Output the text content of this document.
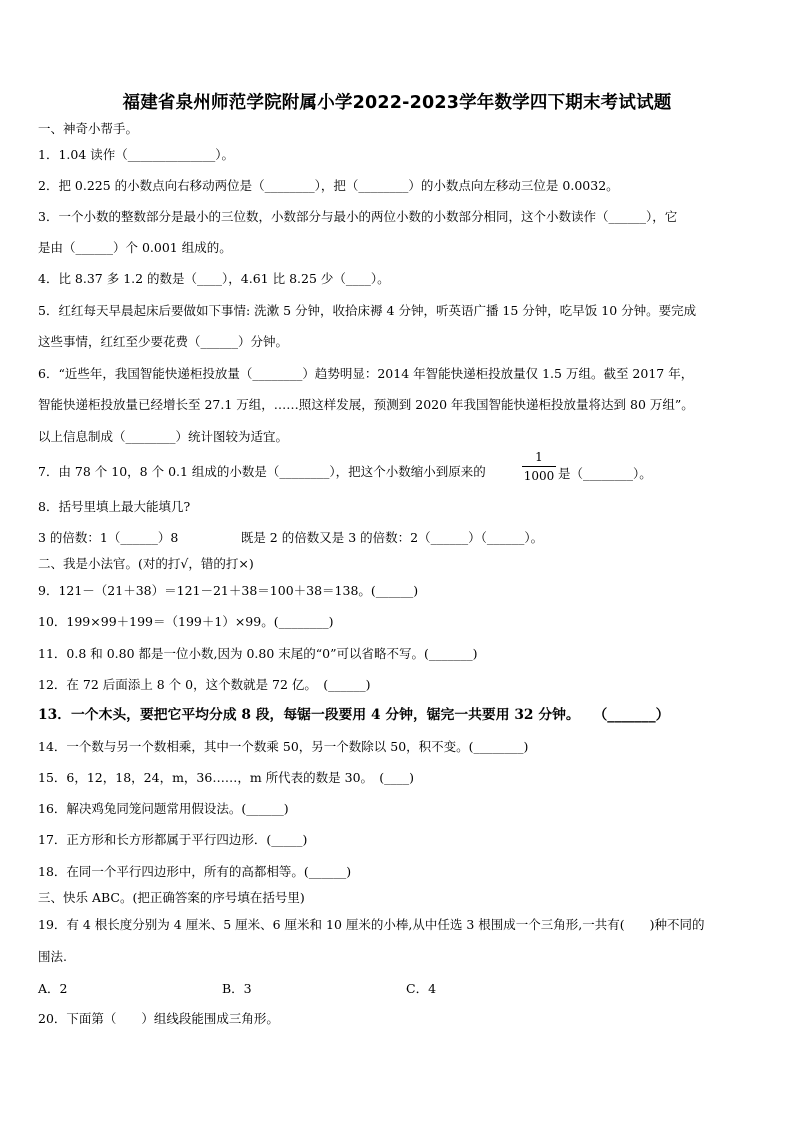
福建省泉州师范学院附属小学2022-2023学年数学四下期末考试试题
一、神奇小帮手。
1．1.04 读作（______________）。
2．把 0.225 的小数点向右移动两位是（________），把（________）的小数点向左移动三位是 0.0032。
3．一个小数的整数部分是最小的三位数，小数部分与最小的两位小数的小数部分相同，这个小数读作（______），它
是由（______）个 0.001 组成的。
4．比 8.37 多 1.2 的数是（____），4.61 比 8.25 少（____）。
5．红红每天早晨起床后要做如下事情: 洗漱 5 分钟，收拾床褥 4 分钟，听英语广播 15 分钟，吃早饭 10 分钟。要完成
这些事情，红红至少要花费（______）分钟。
6．“近些年，我国智能快递柜投放量（________）趋势明显：2014 年智能快递柜投放量仅 1.5 万组。截至 2017 年，
智能快递柜投放量已经增长至 27.1 万组，……照这样发展，预测到 2020 年我国智能快递柜投放量将达到 80 万组”。
以上信息制成（________）统计图较为适宜。
7．由 78 个 10，8 个 0.1 组成的小数是（________），把这个小数缩小到原来的
1
1000 是（________）。
8．括号里填上最大能填几?
3 的倍数：1（______）8　　　　　既是 2 的倍数又是 3 的倍数：2（______）（______）。
二、我是小法官。(对的打√，错的打×)
9．121－（21＋38）＝121－21＋38＝100＋38＝138。(______)
10．199×99＋199＝（199＋1）×99。(________)
11．0.8 和 0.80 都是一位小数,因为 0.80 末尾的“0”可以省略不写。(_______)
12．在 72 后面添上 8 个 0，这个数就是 72 亿。　(______)
13．一个木头，要把它平均分成 8 段，每锯一段要用 4 分钟，锯完一共要用 32 分钟。　　（_______）
14．一个数与另一个数相乘，其中一个数乘 50，另一个数除以 50，积不变。(________)
15．6，12，18，24，m，36……，m 所代表的数是 30。　(____)
16．解决鸡兔同笼问题常用假设法。(______)
17．正方形和长方形都属于平行四边形．(_____)
18．在同一个平行四边形中，所有的高都相等。(______)
三、快乐 ABC。(把正确答案的序号填在括号里)
19．有 4 根长度分别为 4 厘米、5 厘米、6 厘米和 10 厘米的小棒,从中任选 3 根围成一个三角形,一共有(　　)种不同的
围法.
A．2	B．3	C．4
20．下面第（　　）组线段能围成三角形。
